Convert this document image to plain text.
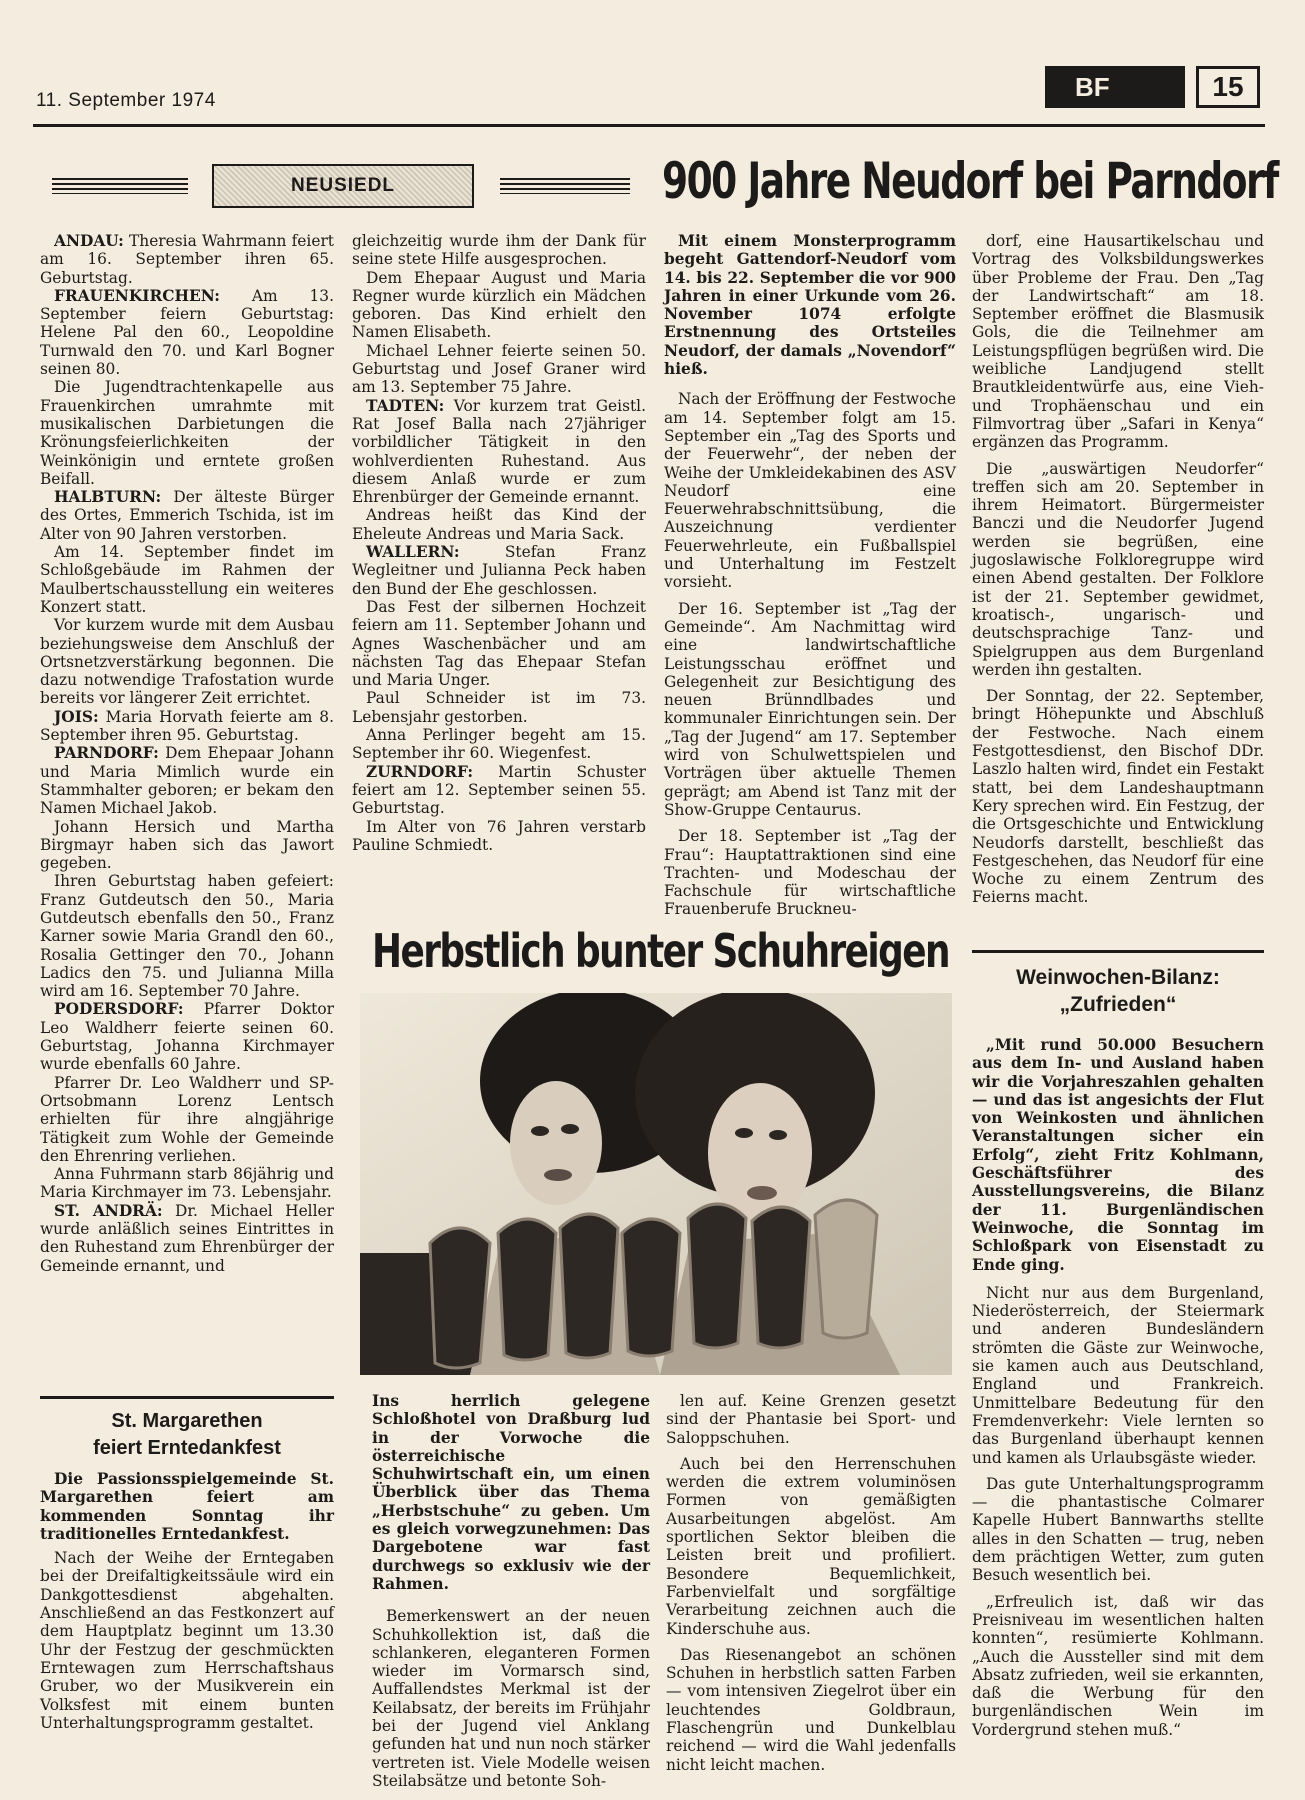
11. September 1974	BF	15
NEUSIEDL	900 Jahre Neudorf bei Parndorf

ANDAU: Theresia Wahrmann feiert am 16. September ihren 65. Geburtstag.

FRAUENKIRCHEN: Am 13. September feiern Geburtstag: Helene Pal den 60., Leopoldine Turnwald den 70. und Karl Bogner seinen 80.

Die Jugendtrachtenkapelle aus Frauenkirchen umrahmte mit musikalischen Darbietungen die Krönungsfeierlichkeiten der Weinkönigin und erntete großen Beifall.

HALBTURN: Der älteste Bürger des Ortes, Emmerich Tschida, ist im Alter von 90 Jahren verstorben.

Am 14. September findet im Schloßgebäude im Rahmen der Maulbertschausstellung ein weiteres Konzert statt.

Vor kurzem wurde mit dem Ausbau beziehungsweise dem Anschluß der Ortsnetzverstärkung begonnen. Die dazu notwendige Trafostation wurde bereits vor längerer Zeit errichtet.

JOIS: Maria Horvath feierte am 8. September ihren 95. Geburtstag.

PARNDORF: Dem Ehepaar Johann und Maria Mimlich wurde ein Stammhalter geboren; er bekam den Namen Michael Jakob.

Johann Hersich und Martha Birgmayr haben sich das Jawort gegeben.

Ihren Geburtstag haben gefeiert: Franz Gutdeutsch den 50., Maria Gutdeutsch ebenfalls den 50., Franz Karner sowie Maria Grandl den 60., Rosalia Gettinger den 70., Johann Ladics den 75. und Julianna Milla wird am 16. September 70 Jahre.

PODERSDORF: Pfarrer Doktor Leo Waldherr feierte seinen 60. Geburtstag, Johanna Kirchmayer wurde ebenfalls 60 Jahre.

Pfarrer Dr. Leo Waldherr und SP-Ortsobmann Lorenz Lentsch erhielten für ihre alngjährige Tätigkeit zum Wohle der Gemeinde den Ehrenring verliehen.

Anna Fuhrmann starb 86jährig und Maria Kirchmayer im 73. Lebensjahr.

ST. ANDRÄ: Dr. Michael Heller wurde anläßlich seines Eintrittes in den Ruhestand zum Ehrenbürger der Gemeinde ernannt, und

gleichzeitig wurde ihm der Dank für seine stete Hilfe ausgesprochen.

Dem Ehepaar August und Maria Regner wurde kürzlich ein Mädchen geboren. Das Kind erhielt den Namen Elisabeth.

Michael Lehner feierte seinen 50. Geburtstag und Josef Graner wird am 13. September 75 Jahre.

TADTEN: Vor kurzem trat Geistl. Rat Josef Balla nach 27jähriger vorbildlicher Tätigkeit in den wohlverdienten Ruhestand. Aus diesem Anlaß wurde er zum Ehrenbürger der Gemeinde ernannt.

Andreas heißt das Kind der Eheleute Andreas und Maria Sack.

WALLERN: Stefan Franz Wegleitner und Julianna Peck haben den Bund der Ehe geschlossen.

Das Fest der silbernen Hochzeit feiern am 11. September Johann und Agnes Waschenbächer und am nächsten Tag das Ehepaar Stefan und Maria Unger.

Paul Schneider ist im 73. Lebensjahr gestorben.

Anna Perlinger begeht am 15. September ihr 60. Wiegenfest.

ZURNDORF: Martin Schuster feiert am 12. September seinen 55. Geburtstag.

Im Alter von 76 Jahren verstarb Pauline Schmiedt.

Mit einem Monsterprogramm begeht Gattendorf-Neudorf vom 14. bis 22. September die vor 900 Jahren in einer Urkunde vom 26. November 1074 erfolgte Erstnennung des Ortsteiles Neudorf, der damals „Novendorf“ hieß.

Nach der Eröffnung der Festwoche am 14. September folgt am 15. September ein „Tag des Sports und der Feuerwehr“, der neben der Weihe der Umkleidekabinen des ASV Neudorf eine Feuerwehrabschnittsübung, die Auszeichnung verdienter Feuerwehrleute, ein Fußballspiel und Unterhaltung im Festzelt vorsieht.

Der 16. September ist „Tag der Gemeinde“. Am Nachmittag wird eine landwirtschaftliche Leistungsschau eröffnet und Gelegenheit zur Besichtigung des neuen Brünndlbades und kommunaler Einrichtungen sein. Der „Tag der Jugend“ am 17. September wird von Schulwettspielen und Vorträgen über aktuelle Themen geprägt; am Abend ist Tanz mit der Show-Gruppe Centaurus.

Der 18. September ist „Tag der Frau“: Hauptattraktionen sind eine Trachten- und Modeschau der Fachschule für wirtschaftliche Frauenberufe Bruckneu-

dorf, eine Hausartikelschau und Vortrag des Volksbildungswerkes über Probleme der Frau. Den „Tag der Landwirtschaft“ am 18. September eröffnet die Blasmusik Gols, die die Teilnehmer am Leistungspflügen begrüßen wird. Die weibliche Landjugend stellt Brautkleidentwürfe aus, eine Vieh- und Trophäenschau und ein Filmvortrag über „Safari in Kenya“ ergänzen das Programm.

Die „auswärtigen Neudorfer“ treffen sich am 20. September in ihrem Heimatort. Bürgermeister Banczi und die Neudorfer Jugend werden sie begrüßen, eine jugoslawische Folkloregruppe wird einen Abend gestalten. Der Folklore ist der 21. September gewidmet, kroatisch-, ungarisch- und deutschsprachige Tanz- und Spielgruppen aus dem Burgenland werden ihn gestalten.

Der Sonntag, der 22. September, bringt Höhepunkte und Abschluß der Festwoche. Nach einem Festgottesdienst, den Bischof DDr. Laszlo halten wird, findet ein Festakt statt, bei dem Landeshauptmann Kery sprechen wird. Ein Festzug, der die Ortsgeschichte und Entwicklung Neudorfs darstellt, beschließt das Festgeschehen, das Neudorf für eine Woche zu einem Zentrum des Feierns macht.

Herbstlich bunter Schuhreigen

Ins herrlich gelegene Schloßhotel von Draßburg lud in der Vorwoche die österreichische Schuhwirtschaft ein, um einen Überblick über das Thema „Herbstschuhe“ zu geben. Um es gleich vorwegzunehmen: Das Dargebotene war fast durchwegs so exklusiv wie der Rahmen.

Bemerkenswert an der neuen Schuhkollektion ist, daß die schlankeren, eleganteren Formen wieder im Vormarsch sind, Auffallendstes Merkmal ist der Keilabsatz, der bereits im Frühjahr bei der Jugend viel Anklang gefunden hat und nun noch stärker vertreten ist. Viele Modelle weisen Steilabsätze und betonte Soh-

len auf. Keine Grenzen gesetzt sind der Phantasie bei Sport- und Saloppschuhen.

Auch bei den Herrenschuhen werden die extrem voluminösen Formen von gemäßigten Ausarbeitungen abgelöst. Am sportlichen Sektor bleiben die Leisten breit und profiliert. Besondere Bequemlichkeit, Farbenvielfalt und sorgfältige Verarbeitung zeichnen auch die Kinderschuhe aus.

Das Riesenangebot an schönen Schuhen in herbstlich satten Farben — vom intensiven Ziegelrot über ein leuchtendes Goldbraun, Flaschengrün und Dunkelblau reichend — wird die Wahl jedenfalls nicht leicht machen.

St. Margarethen
feiert Erntedankfest

Die Passionsspielgemeinde St. Margarethen feiert am kommenden Sonntag ihr traditionelles Erntedankfest.

Nach der Weihe der Erntegaben bei der Dreifaltigkeitssäule wird ein Dankgottesdienst abgehalten. Anschließend an das Festkonzert auf dem Hauptplatz beginnt um 13.30 Uhr der Festzug der geschmückten Erntewagen zum Herrschaftshaus Gruber, wo der Musikverein ein Volksfest mit einem bunten Unterhaltungsprogramm gestaltet.

Weinwochen-Bilanz:
„Zufrieden“

„Mit rund 50.000 Besuchern aus dem In- und Ausland haben wir die Vorjahreszahlen gehalten — und das ist angesichts der Flut von Weinkosten und ähnlichen Veranstaltungen sicher ein Erfolg“, zieht Fritz Kohlmann, Geschäftsführer des Ausstellungsvereins, die Bilanz der 11. Burgenländischen Weinwoche, die Sonntag im Schloßpark von Eisenstadt zu Ende ging.

Nicht nur aus dem Burgenland, Niederösterreich, der Steiermark und anderen Bundesländern strömten die Gäste zur Weinwoche, sie kamen auch aus Deutschland, England und Frankreich. Unmittelbare Bedeutung für den Fremdenverkehr: Viele lernten so das Burgenland überhaupt kennen und kamen als Urlaubsgäste wieder.

Das gute Unterhaltungsprogramm — die phantastische Colmarer Kapelle Hubert Bannwarths stellte alles in den Schatten — trug, neben dem prächtigen Wetter, zum guten Besuch wesentlich bei.

„Erfreulich ist, daß wir das Preisniveau im wesentlichen halten konnten“, resümierte Kohlmann. „Auch die Aussteller sind mit dem Absatz zufrieden, weil sie erkannten, daß die Werbung für den burgenländischen Wein im Vordergrund stehen muß.“
